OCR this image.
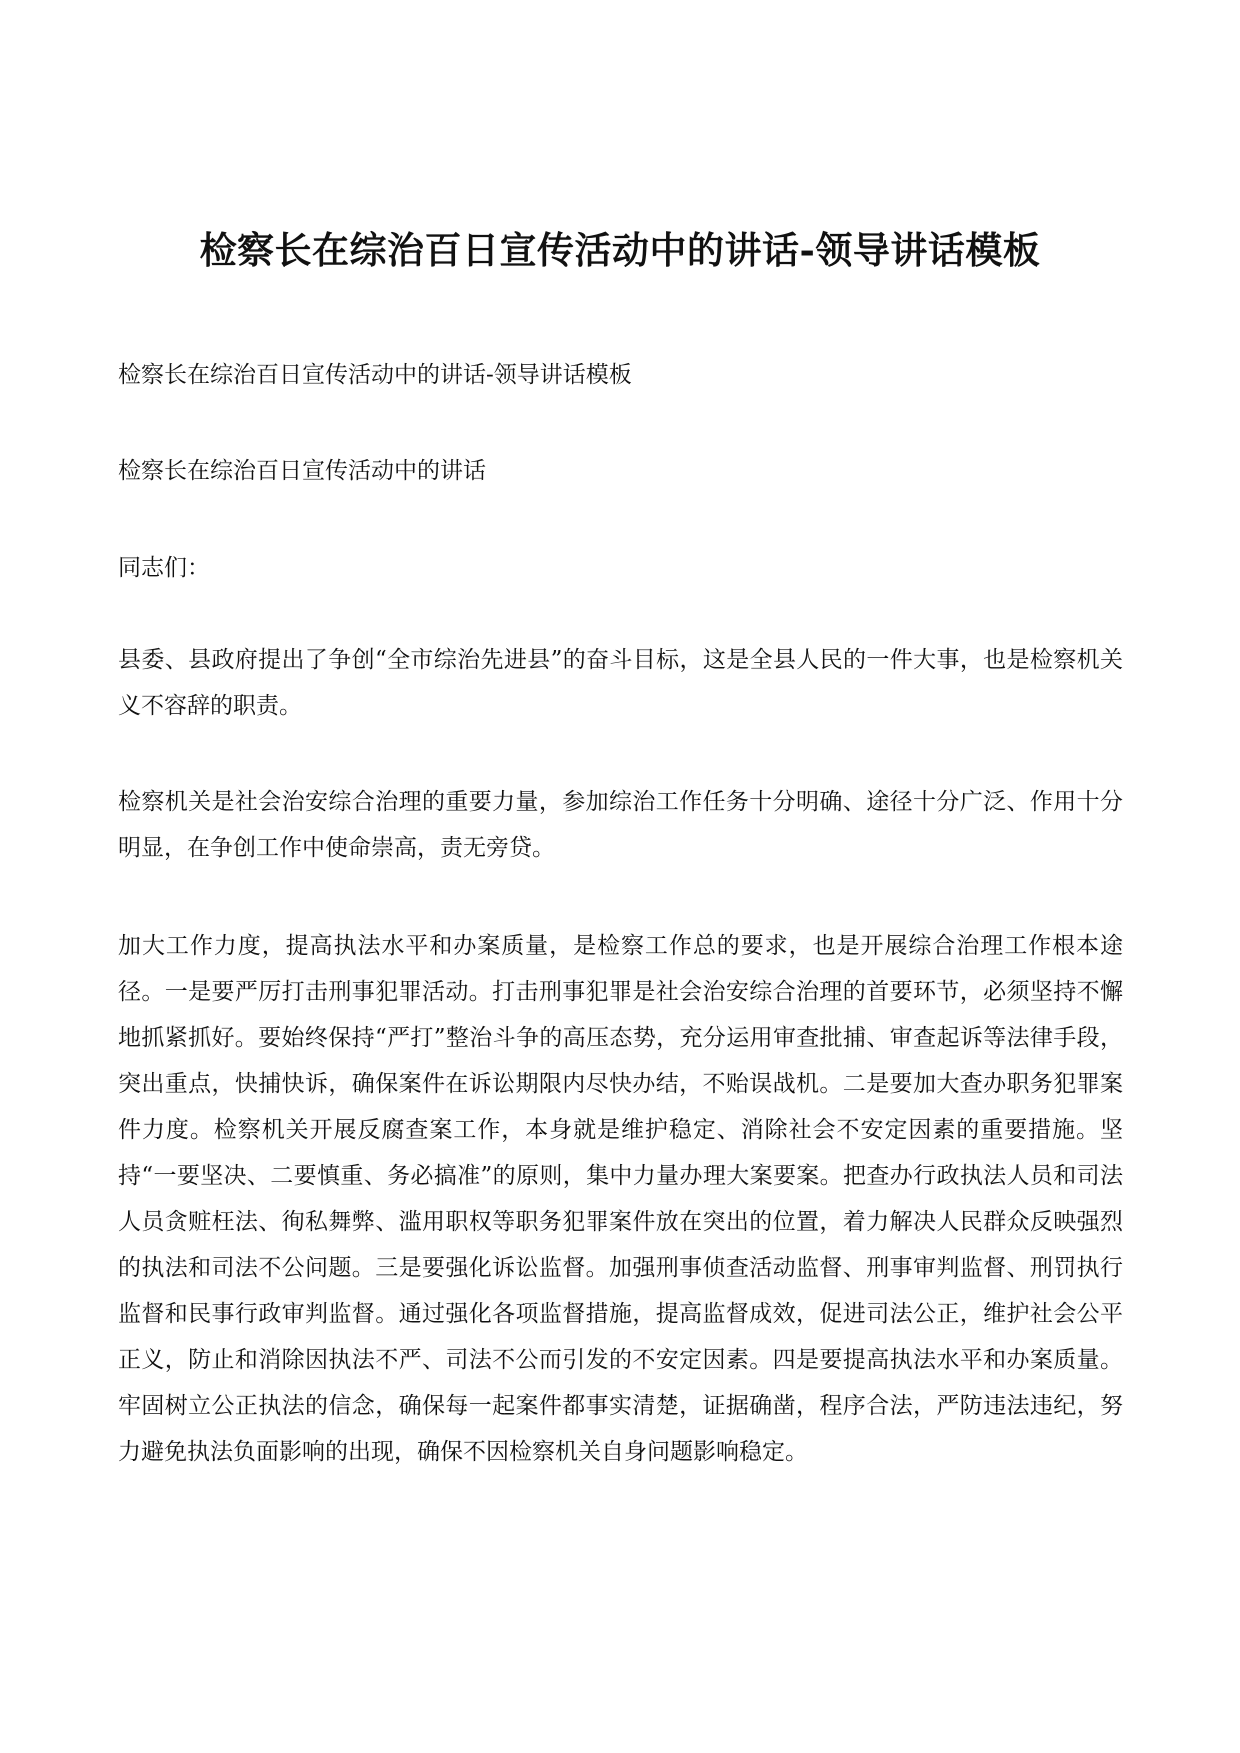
检察长在综治百日宣传活动中的讲话-领导讲话模板

检察长在综治百日宣传活动中的讲话-领导讲话模板

检察长在综治百日宣传活动中的讲话

同志们：

县委、县政府提出了争创“全市综治先进县”的奋斗目标，这是全县人民的一件大事，也是检察机关义不容辞的职责。

检察机关是社会治安综合治理的重要力量，参加综治工作任务十分明确、途径十分广泛、作用十分明显，在争创工作中使命崇高，责无旁贷。

加大工作力度，提高执法水平和办案质量，是检察工作总的要求，也是开展综合治理工作根本途径。一是要严厉打击刑事犯罪活动。打击刑事犯罪是社会治安综合治理的首要环节，必须坚持不懈地抓紧抓好。要始终保持“严打”整治斗争的高压态势，充分运用审查批捕、审查起诉等法律手段，突出重点，快捕快诉，确保案件在诉讼期限内尽快办结，不贻误战机。二是要加大查办职务犯罪案件力度。检察机关开展反腐查案工作，本身就是维护稳定、消除社会不安定因素的重要措施。坚持“一要坚决、二要慎重、务必搞准”的原则，集中力量办理大案要案。把查办行政执法人员和司法人员贪赃枉法、徇私舞弊、滥用职权等职务犯罪案件放在突出的位置，着力解决人民群众反映强烈的执法和司法不公问题。三是要强化诉讼监督。加强刑事侦查活动监督、刑事审判监督、刑罚执行监督和民事行政审判监督。通过强化各项监督措施，提高监督成效，促进司法公正，维护社会公平正义，防止和消除因执法不严、司法不公而引发的不安定因素。四是要提高执法水平和办案质量。牢固树立公正执法的信念，确保每一起案件都事实清楚，证据确凿，程序合法，严防违法违纪，努力避免执法负面影响的出现，确保不因检察机关自身问题影响稳定。
